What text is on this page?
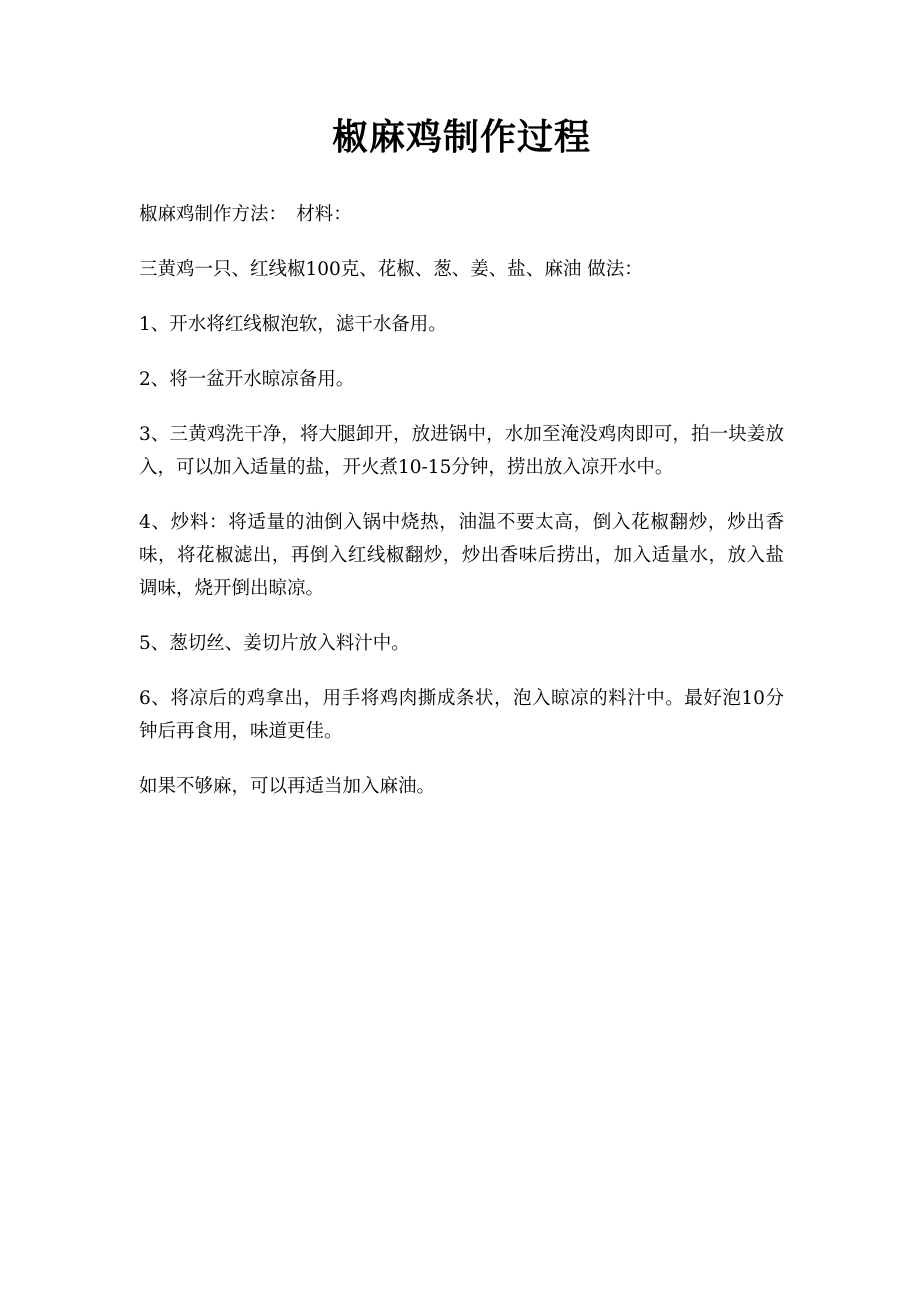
椒麻鸡制作过程

椒麻鸡制作方法：　材料：

三黄鸡一只、红线椒100克、花椒、葱、姜、盐、麻油 做法：

1、开水将红线椒泡软，滤干水备用。

2、将一盆开水晾凉备用。

3、三黄鸡洗干净，将大腿卸开，放进锅中，水加至淹没鸡肉即可，拍一块姜放入，可以加入适量的盐，开火煮10-15分钟，捞出放入凉开水中。

4、炒料：将适量的油倒入锅中烧热，油温不要太高，倒入花椒翻炒，炒出香味，将花椒滤出，再倒入红线椒翻炒，炒出香味后捞出，加入适量水，放入盐调味，烧开倒出晾凉。

5、葱切丝、姜切片放入料汁中。

6、将凉后的鸡拿出，用手将鸡肉撕成条状，泡入晾凉的料汁中。最好泡10分钟后再食用，味道更佳。

如果不够麻，可以再适当加入麻油。
